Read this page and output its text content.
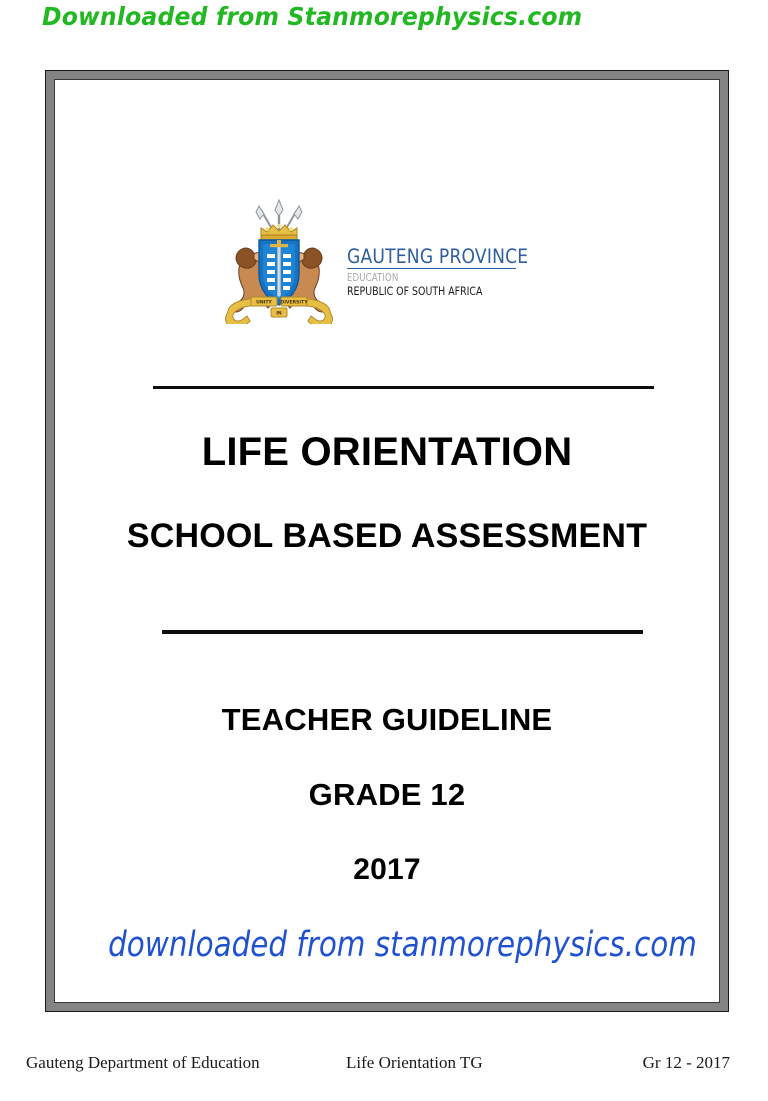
Downloaded from Stanmorephysics.com
UNITY DIVERSITY
IN
GAUTENG PROVINCE
EDUCATION
REPUBLIC OF SOUTH AFRICA
LIFE ORIENTATION
SCHOOL BASED ASSESSMENT
TEACHER GUIDELINE
GRADE 12
2017
downloaded from stanmorephysics.com
Gauteng Department of Education	Life Orientation TG	Gr 12 - 2017
